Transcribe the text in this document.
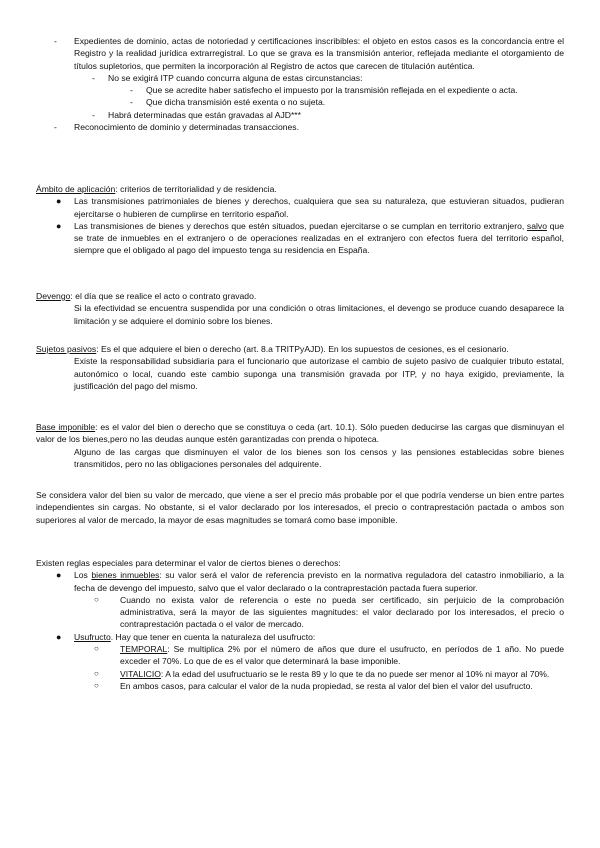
- Expedientes de dominio, actas de notoriedad y certificaciones inscribibles: el objeto en estos casos es la concordancia entre el Registro y la realidad jurídica extrarregistral. Lo que se grava es la transmisión anterior, reflejada mediante el otorgamiento de títulos supletorios, que permiten la incorporación al Registro de actos que carecen de titulación auténtica.
- No se exigirá ITP cuando concurra alguna de estas circunstancias:
- Que se acredite haber satisfecho el impuesto por la transmisión reflejada en el expediente o acta.
- Que dicha transmisión esté exenta o no sujeta.
- Habrá determinadas que están gravadas al AJD***
- Reconocimiento de dominio y determinadas transacciones.

Ámbito de aplicación: criterios de territorialidad y de residencia.

● Las transmisiones patrimoniales de bienes y derechos, cualquiera que sea su naturaleza, que estuvieran situados, pudieran ejercitarse o hubieren de cumplirse en territorio español.
● Las transmisiones de bienes y derechos que estén situados, puedan ejercitarse o se cumplan en territorio extranjero, salvo que se trate de inmuebles en el extranjero o de operaciones realizadas en el extranjero con efectos fuera del territorio español, siempre que el obligado al pago del impuesto tenga su residencia en España.

Devengo: el día que se realice el acto o contrato gravado.

Si la efectividad se encuentra suspendida por una condición o otras limitaciones, el devengo se produce cuando desaparece la limitación y se adquiere el dominio sobre los bienes.

Sujetos pasivos: Es el que adquiere el bien o derecho (art. 8.a TRITPyAJD). En los supuestos de cesiones, es el cesionario.

Existe la responsabilidad subsidiaria para el funcionario que autorizase el cambio de sujeto pasivo de cualquier tributo estatal, autonómico o local, cuando este cambio suponga una transmisión gravada por ITP, y no haya exigido, previamente, la justificación del pago del mismo.

Base imponible: es el valor del bien o derecho que se constituya o ceda (art. 10.1). Sólo pueden deducirse las cargas que disminuyan el valor de los bienes,pero no las deudas aunque estén garantizadas con prenda o hipoteca.

Alguno de las cargas que disminuyen el valor de los bienes son los censos y las pensiones establecidas sobre bienes transmitidos, pero no las obligaciones personales del adquirente.

Se considera valor del bien su valor de mercado, que viene a ser el precio más probable por el que podría venderse un bien entre partes independientes sin cargas. No obstante, si el valor declarado por los interesados, el precio o contraprestación pactada o ambos son superiores al valor de mercado, la mayor de esas magnitudes se tomará como base imponible.

Existen reglas especiales para determinar el valor de ciertos bienes o derechos:

● Los bienes inmuebles: su valor será el valor de referencia previsto en la normativa reguladora del catastro inmobiliario, a la fecha de devengo del impuesto, salvo que el valor declarado o la contraprestación pactada fuera superior.
○ Cuando no exista valor de referencia o este no pueda ser certificado, sin perjuicio de la comprobación administrativa, será la mayor de las siguientes magnitudes: el valor declarado por los interesados, el precio o contraprestación pactada o el valor de mercado.
● Usufructo. Hay que tener en cuenta la naturaleza del usufructo:
○ TEMPORAL: Se multiplica 2% por el número de años que dure el usufructo, en períodos de 1 año. No puede exceder el 70%. Lo que de es el valor que determinará la base imponible.
○ VITALICIO: A la edad del usufructuario se le resta 89 y lo que te da no puede ser menor al 10% ni mayor al 70%.
○ En ambos casos, para calcular el valor de la nuda propiedad, se resta al valor del bien el valor del usufructo.
